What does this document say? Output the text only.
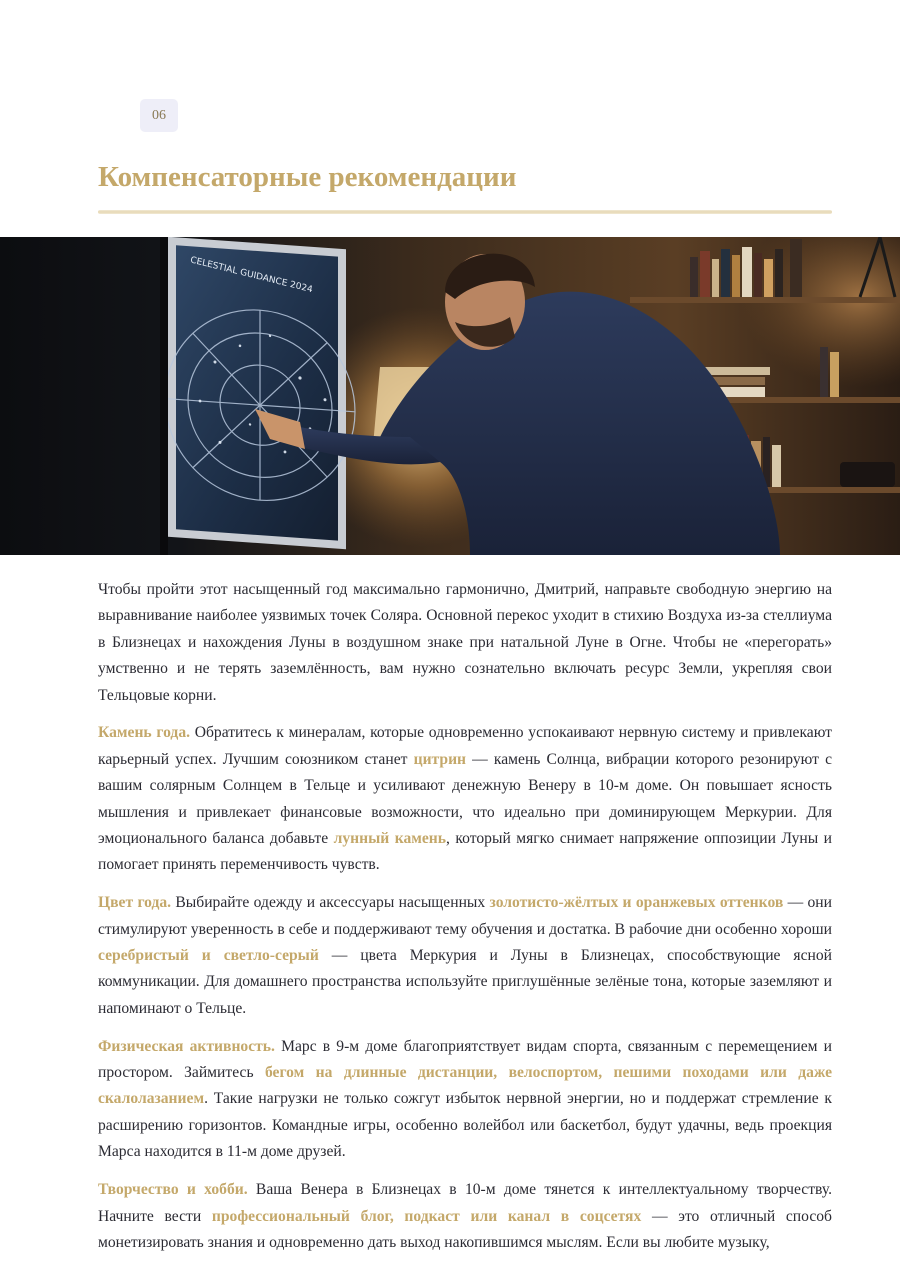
06
Компенсаторные рекомендации
CELESTIAL GUIDANCE 2024

Чтобы пройти этот насыщенный год максимально гармонично, Дмитрий, направьте свободную энергию на выравнивание наиболее уязвимых точек Соляра. Основной перекос уходит в стихию Воздуха из-за стеллиума в Близнецах и нахождения Луны в воздушном знаке при натальной Луне в Огне. Чтобы не «перегорать» умственно и не терять заземлённость, вам нужно сознательно включать ресурс Земли, укрепляя свои Тельцовые корни.

Камень года. Обратитесь к минералам, которые одновременно успокаивают нервную систему и привлекают карьерный успех. Лучшим союзником станет цитрин — камень Солнца, вибрации которого резонируют с вашим солярным Солнцем в Тельце и усиливают денежную Венеру в 10-м доме. Он повышает ясность мышления и привлекает финансовые возможности, что идеально при доминирующем Меркурии. Для эмоционального баланса добавьте лунный камень, который мягко снимает напряжение оппозиции Луны и помогает принять переменчивость чувств.

Цвет года. Выбирайте одежду и аксессуары насыщенных золотисто-жёлтых и оранжевых оттенков — они стимулируют уверенность в себе и поддерживают тему обучения и достатка. В рабочие дни особенно хороши серебристый и светло-серый — цвета Меркурия и Луны в Близнецах, способствующие ясной коммуникации. Для домашнего пространства используйте приглушённые зелёные тона, которые заземляют и напоминают о Тельце.

Физическая активность. Марс в 9-м доме благоприятствует видам спорта, связанным с перемещением и простором. Займитесь бегом на длинные дистанции, велоспортом, пешими походами или даже скалолазанием. Такие нагрузки не только сожгут избыток нервной энергии, но и поддержат стремление к расширению горизонтов. Командные игры, особенно волейбол или баскетбол, будут удачны, ведь проекция Марса находится в 11-м доме друзей.

Творчество и хобби. Ваша Венера в Близнецах в 10-м доме тянется к интеллектуальному творчеству. Начните вести профессиональный блог, подкаст или канал в соцсетях — это отличный способ монетизировать знания и одновременно дать выход накопившимся мыслям. Если вы любите музыку,
